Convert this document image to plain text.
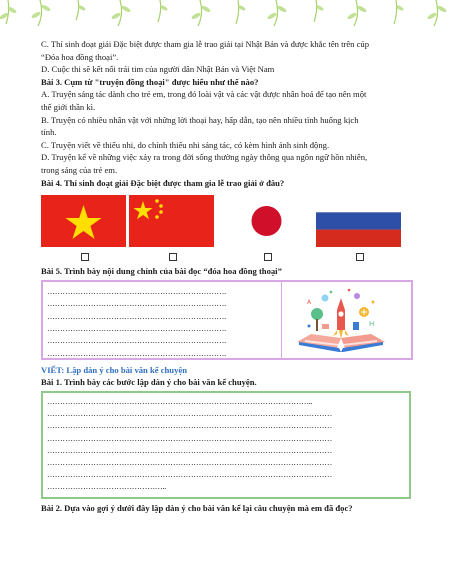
C. Thí sinh đoạt giải Đặc biệt được tham gia lễ trao giải tại Nhật Bản và được khắc tên trên cúp

“Đóa hoa đồng thoại”.

D. Cuộc thi sẽ kết nối trái tim của người dân Nhật Bản và Việt Nam

Bài 3. Cụm từ "truyện đồng thoại" được hiểu như thế nào?

A. Truyện sáng tác dành cho trẻ em, trong đó loài vật và các vật được nhân hoá để tạo nên một

thế giới thần kì.

B. Truyện có nhiều nhân vật với những lời thoại hay, hấp dẫn, tạo nên nhiều tình huống kịch

tính.

C. Truyện viết về thiếu nhi, do chính thiếu nhi sáng tác, có kèm hình ảnh sinh động.

D. Truyện kể về những việc xảy ra trong đời sống thường ngày thông qua ngôn ngữ hồn nhiên,

trong sáng của trẻ em.

Bài 4. Thí sinh đoạt giải Đặc biệt được tham gia lễ trao giải ở đâu?

Bài 5. Trình bày nội dung chính của bài đọc “đóa hoa đồng thoại”

…………………………………………………………….
…………………………………………………………….
…………………………………………………………….
…………………………………………………………….
…………………………………………………………….
…………………………………………………………….
H
A
VIẾT: Lập dàn ý cho bài văn kể chuyện

Bài 1. Trình bày các bước lập dàn ý cho bài văn kể chuyện.

…………………………………………………………………………………………..
…………………………………………………………………………………………………
…………………………………………………………………………………………………
…………………………………………………………………………………………………
…………………………………………………………………………………………………
…………………………………………………………………………………………………
…………………………………………………………………………………………………
………………………………………..

Bài 2. Dựa vào gợi ý dưới đây lập dàn ý cho bài văn kể lại câu chuyện mà em đã đọc?
